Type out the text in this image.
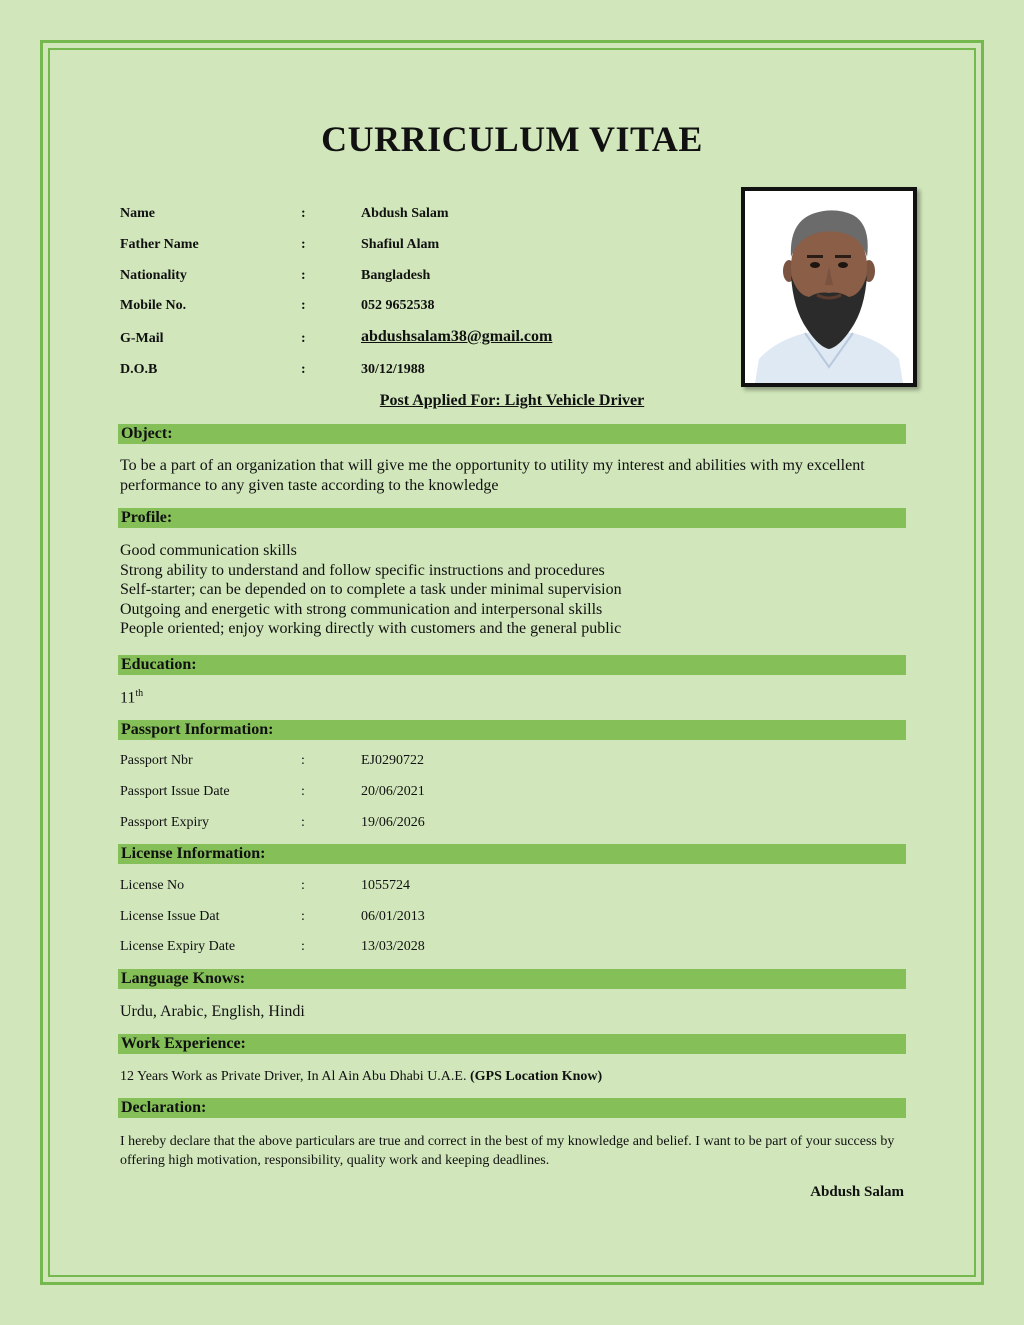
CURRICULUM VITAE
Name	:	Abdush Salam
Father Name	:	Shafiul Alam
Nationality	:	Bangladesh
Mobile No.	:	052 9652538
G-Mail	:	abdushsalam38@gmail.com
D.O.B	:	30/12/1988
Post Applied For: Light Vehicle Driver
Object:
To be a part of an organization that will give me the opportunity to utility my interest and abilities with my excellent performance to any given taste according to the knowledge
Profile:
Good communication skills
Strong ability to understand and follow specific instructions and procedures
Self-starter; can be depended on to complete a task under minimal supervision
Outgoing and energetic with strong communication and interpersonal skills
People oriented; enjoy working directly with customers and the general public
Education:
11th
Passport Information:
Passport Nbr	:	EJ0290722
Passport Issue Date	:	20/06/2021
Passport Expiry	:	19/06/2026
License Information:
License No	:	1055724
License Issue Dat	:	06/01/2013
License Expiry Date	:	13/03/2028
Language Knows:
Urdu, Arabic, English, Hindi
Work Experience:
12 Years Work as Private Driver, In Al Ain Abu Dhabi U.A.E. (GPS Location Know)
Declaration:
I hereby declare that the above particulars are true and correct in the best of my knowledge and belief. I want to be part of your success by offering high motivation, responsibility, quality work and keeping deadlines.
Abdush Salam
